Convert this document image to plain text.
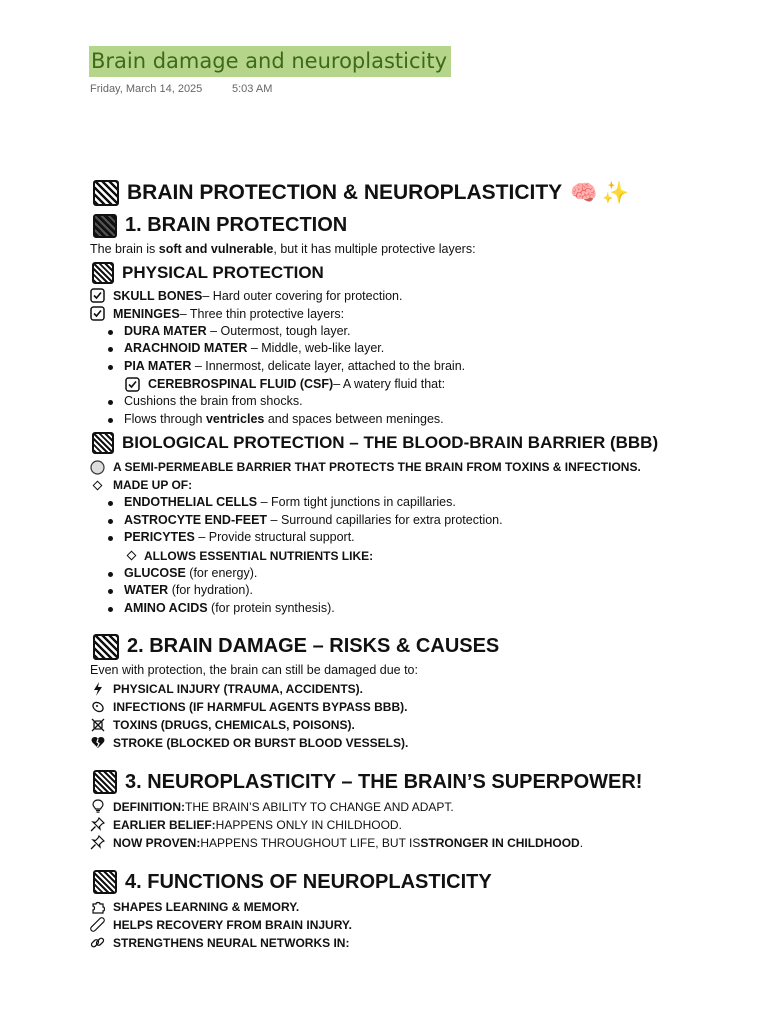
Brain damage and neuroplasticity
Friday, March 14, 2025	5:03 AM
BRAIN PROTECTION & NEUROPLASTICITY 🧠 ✨
1. BRAIN PROTECTION
The brain is soft and vulnerable, but it has multiple protective layers:
PHYSICAL PROTECTION
SKULL BONES – Hard outer covering for protection.
MENINGES – Three thin protective layers:
DURA MATER – Outermost, tough layer.
ARACHNOID MATER – Middle, web-like layer.
PIA MATER – Innermost, delicate layer, attached to the brain.
CEREBROSPINAL FLUID (CSF) – A watery fluid that:
Cushions the brain from shocks.
Flows through ventricles and spaces between meninges.
BIOLOGICAL PROTECTION – THE BLOOD-BRAIN BARRIER (BBB)
A SEMI-PERMEABLE BARRIER THAT PROTECTS THE BRAIN FROM TOXINS & INFECTIONS.
MADE UP OF:
ENDOTHELIAL CELLS – Form tight junctions in capillaries.
ASTROCYTE END-FEET – Surround capillaries for extra protection.
PERICYTES – Provide structural support.
ALLOWS ESSENTIAL NUTRIENTS LIKE:
GLUCOSE (for energy).
WATER (for hydration).
AMINO ACIDS (for protein synthesis).
2. BRAIN DAMAGE – RISKS & CAUSES
Even with protection, the brain can still be damaged due to:
PHYSICAL INJURY (TRAUMA, ACCIDENTS).
INFECTIONS (IF HARMFUL AGENTS BYPASS BBB).
TOXINS (DRUGS, CHEMICALS, POISONS).
STROKE (BLOCKED OR BURST BLOOD VESSELS).
3. NEUROPLASTICITY – THE BRAIN’S SUPERPOWER!
DEFINITION: THE BRAIN’S ABILITY TO CHANGE AND ADAPT.
EARLIER BELIEF: HAPPENS ONLY IN CHILDHOOD.
NOW PROVEN: HAPPENS THROUGHOUT LIFE, BUT IS STRONGER IN CHILDHOOD .
4. FUNCTIONS OF NEUROPLASTICITY
SHAPES LEARNING & MEMORY.
HELPS RECOVERY FROM BRAIN INJURY.
STRENGTHENS NEURAL NETWORKS IN:
